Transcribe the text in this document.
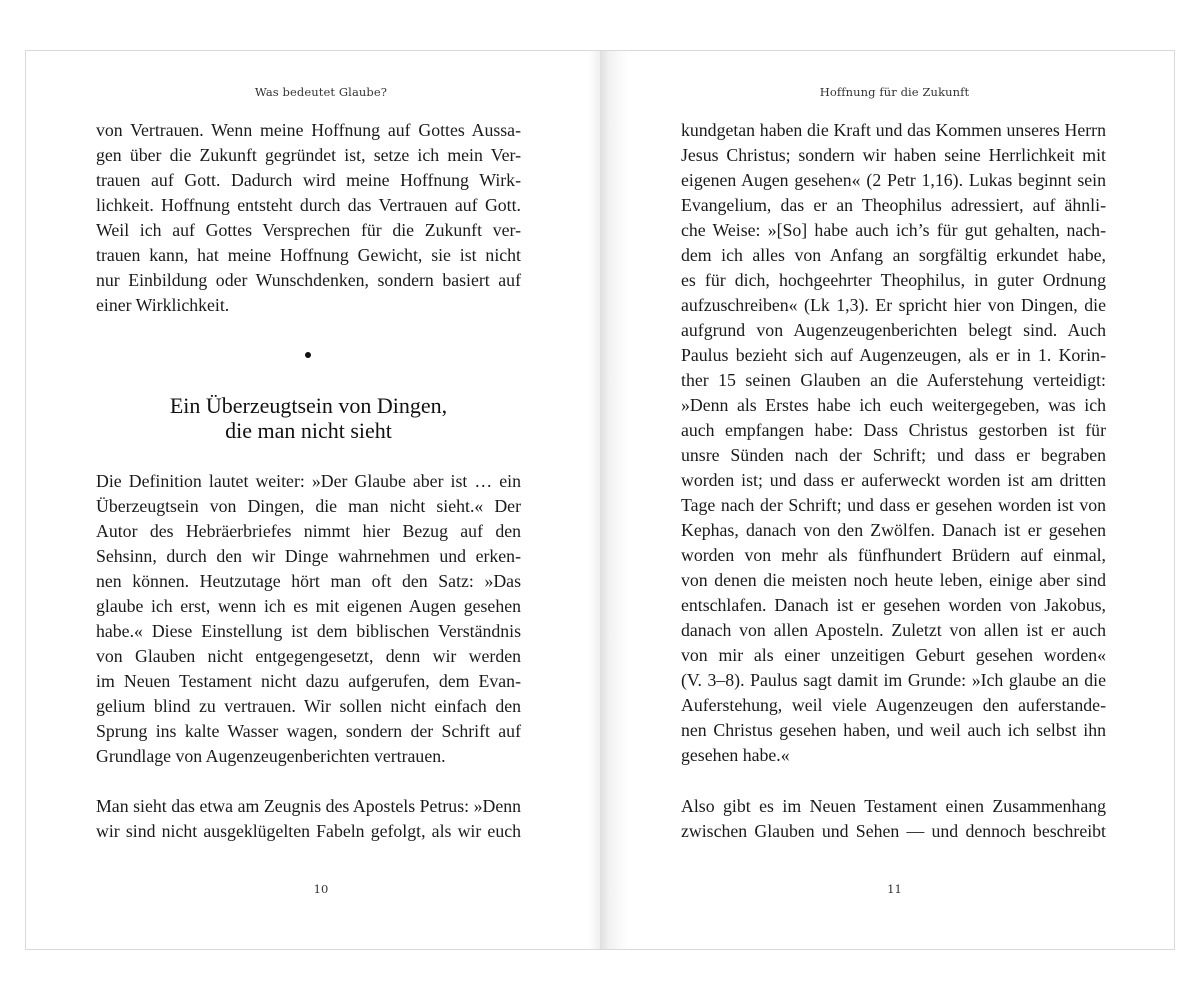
Was bedeutet Glaube?
von Vertrauen. Wenn meine Hoffnung auf Gottes Aussa-
gen über die Zukunft gegründet ist, setze ich mein Ver-
trauen auf Gott. Dadurch wird meine Hoffnung Wirk-
lichkeit. Hoffnung entsteht durch das Vertrauen auf Gott.
Weil ich auf Gottes Versprechen für die Zukunft ver-
trauen kann, hat meine Hoffnung Gewicht, sie ist nicht
nur Einbildung oder Wunschdenken, sondern basiert auf
einer Wirklichkeit.
Ein Überzeugtsein von Dingen,
die man nicht sieht
Die Definition lautet weiter: »Der Glaube aber ist … ein
Überzeugtsein von Dingen, die man nicht sieht.« Der
Autor des Hebräerbriefes nimmt hier Bezug auf den
Sehsinn, durch den wir Dinge wahrnehmen und erken-
nen können. Heutzutage hört man oft den Satz: »Das
glaube ich erst, wenn ich es mit eigenen Augen gesehen
habe.« Diese Einstellung ist dem biblischen Verständnis
von Glauben nicht entgegengesetzt, denn wir werden
im Neuen Testament nicht dazu aufgerufen, dem Evan-
gelium blind zu vertrauen. Wir sollen nicht einfach den
Sprung ins kalte Wasser wagen, sondern der Schrift auf
Grundlage von Augenzeugenberichten vertrauen.
Man sieht das etwa am Zeugnis des Apostels Petrus: »Denn
wir sind nicht ausgeklügelten Fabeln gefolgt, als wir euch
10
Hoffnung für die Zukunft
kundgetan haben die Kraft und das Kommen unseres Herrn
Jesus Christus; sondern wir haben seine Herrlichkeit mit
eigenen Augen gesehen« (2 Petr 1,16). Lukas beginnt sein
Evangelium, das er an Theophilus adressiert, auf ähnli-
che Weise: »[So] habe auch ich’s für gut gehalten, nach-
dem ich alles von Anfang an sorgfältig erkundet habe,
es für dich, hochgeehrter Theophilus, in guter Ordnung
aufzuschreiben« (Lk 1,3). Er spricht hier von Dingen, die
aufgrund von Augenzeugenberichten belegt sind. Auch
Paulus bezieht sich auf Augenzeugen, als er in 1. Korin-
ther 15 seinen Glauben an die Auferstehung verteidigt:
»Denn als Erstes habe ich euch weitergegeben, was ich
auch empfangen habe: Dass Christus gestorben ist für
unsre Sünden nach der Schrift; und dass er begraben
worden ist; und dass er auferweckt worden ist am dritten
Tage nach der Schrift; und dass er gesehen worden ist von
Kephas, danach von den Zwölfen. Danach ist er gesehen
worden von mehr als fünfhundert Brüdern auf einmal,
von denen die meisten noch heute leben, einige aber sind
entschlafen. Danach ist er gesehen worden von Jakobus,
danach von allen Aposteln. Zuletzt von allen ist er auch
von mir als einer unzeitigen Geburt gesehen worden«
(V. 3–8). Paulus sagt damit im Grunde: »Ich glaube an die
Auferstehung, weil viele Augenzeugen den auferstande-
nen Christus gesehen haben, und weil auch ich selbst ihn
gesehen habe.«
Also gibt es im Neuen Testament einen Zusammenhang
zwischen Glauben und Sehen — und dennoch beschreibt
11
